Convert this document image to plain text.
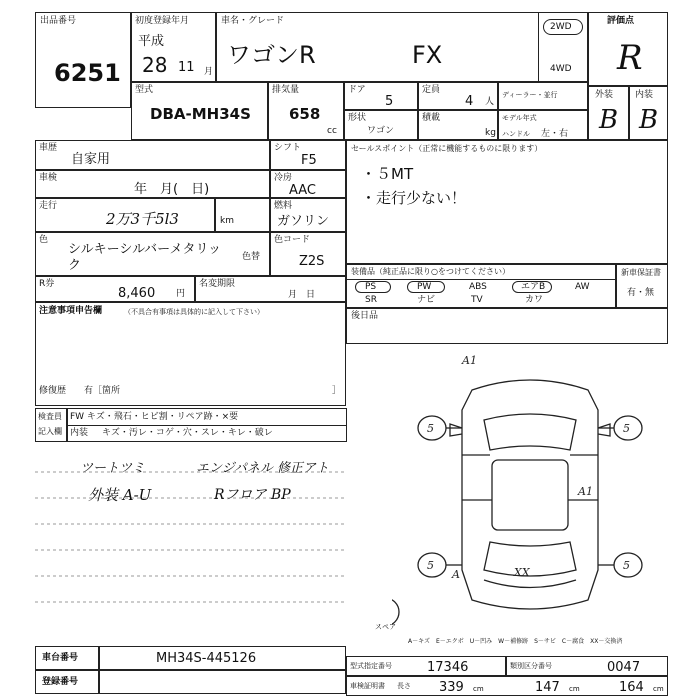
出品番号
6251
初度登録年月
平成
28 11 月
車名・グレード
ワゴンR	FX
2WD
4WD
評価点
R
外装 内装
B B
型式
DBA-MH34S
排気量
658
cc
ドア
5
定員
4 人
ディーラー・並行
形状
ワゴン
積載
kg
モデル年式
ハンドル 左・右
車歴
自家用
車検
年　月(　日)
走行
2万3千5l3	km
色
シルキーシルバーメタリッ
ク
色替
シフト
F5
冷房
AAC
燃料
ガソリン
色コード
Z2S
R券
8,460 円
名変期限
月　日
セールスポイント（正常に機能するものに限ります）
・５MT
・走行少ない！
装備品（純正品に限り○をつけてください）
PS	PW	ABS	エアB	AW
SR	ナビ	TV	カワ
新車保証書
有・無
後日品
注意事項申告欄	（不具合有事項は具体的に記入して下さい）
修復歴 有［箇所	］
検査員
記入欄
FW キズ・飛石・ヒビ割・リペア跡・×要
内装 キズ・汚レ・コゲ・穴・スレ・キレ・破レ
ツートツミ
外装 A-U
エンジパネル 修正アト
Rフロア BP
A1
5	5
5	5
A1
A	XX
スペア
A－キズ　E－エクボ　U－凹み　W－補修跡　S－サビ　C－腐食　XX－交換済
車台番号	MH34S-445126
登録番号
型式指定番号	17346	類別区分番号	0047
車検証明書 長さ 339 cm	147 cm	164 cm
